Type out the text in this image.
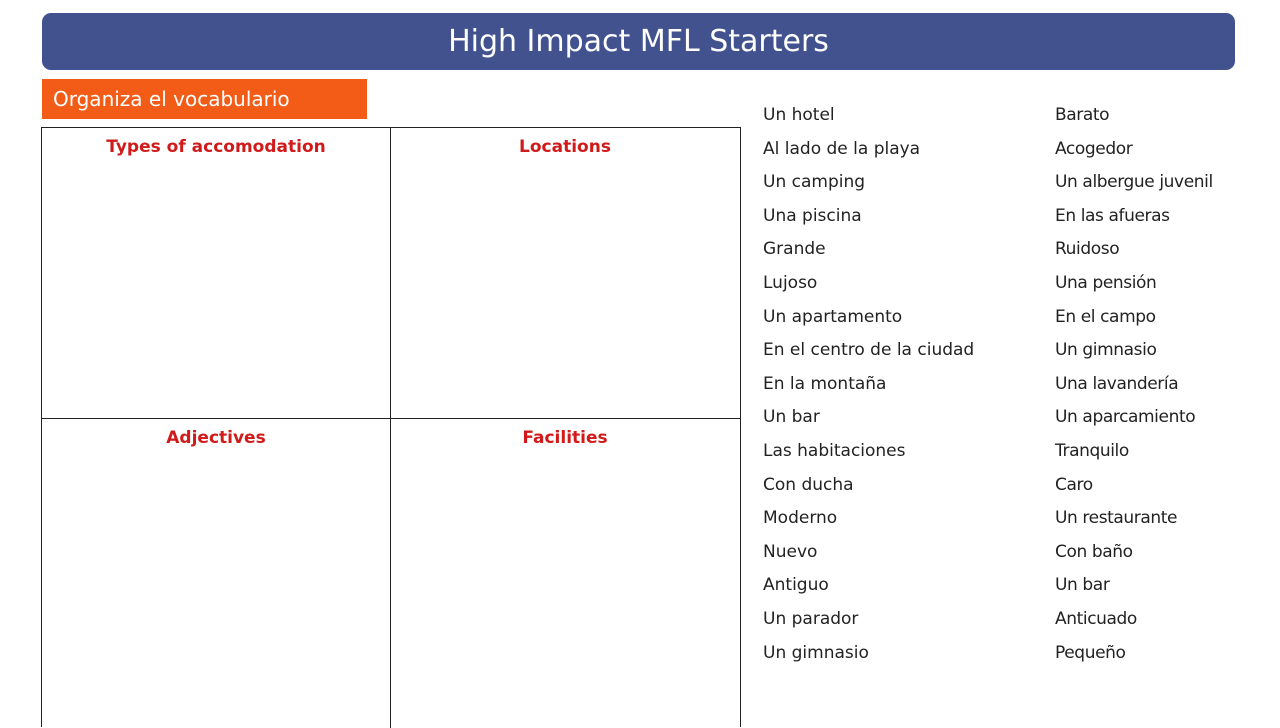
High Impact MFL Starters
Organiza el vocabulario
Types of accomodation	Locations
Adjectives	Facilities
Un hotel	Barato
Al lado de la playa	Acogedor
Un camping	Un albergue juvenil
Una piscina	En las afueras
Grande	Ruidoso
Lujoso	Una pensión
Un apartamento	En el campo
En el centro de la ciudad	Un gimnasio
En la montaña	Una lavandería
Un bar	Un aparcamiento
Las habitaciones	Tranquilo
Con ducha	Caro
Moderno	Un restaurante
Nuevo	Con baño
Antiguo	Un bar
Un parador	Anticuado
Un gimnasio	Pequeño
